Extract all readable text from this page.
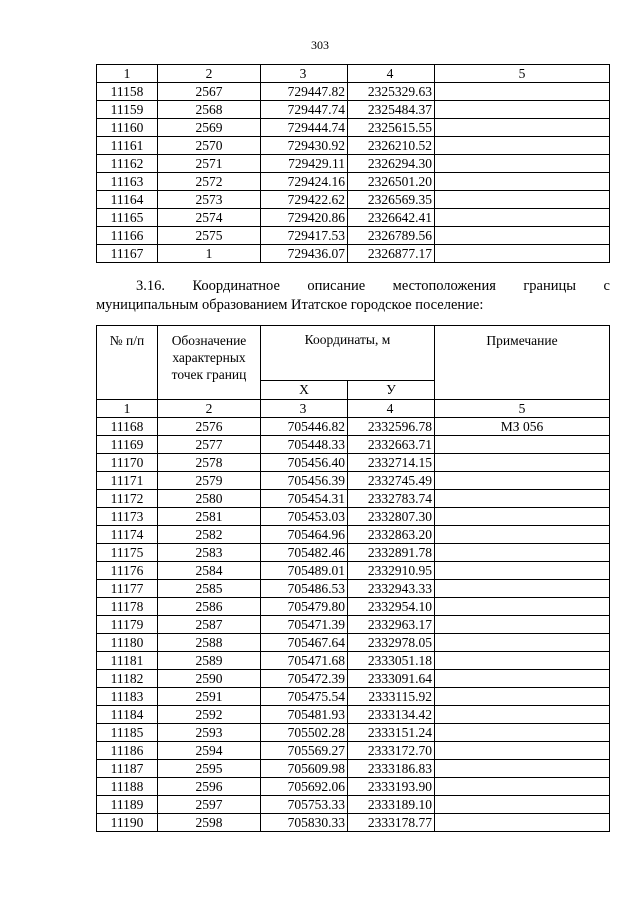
303
1	2	3	4	5
11158	2567	729447.82	2325329.63	
11159	2568	729447.74	2325484.37	
11160	2569	729444.74	2325615.55	
11161	2570	729430.92	2326210.52	
11162	2571	729429.11	2326294.30	
11163	2572	729424.16	2326501.20	
11164	2573	729422.62	2326569.35	
11165	2574	729420.86	2326642.41	
11166	2575	729417.53	2326789.56	
11167	1	729436.07	2326877.17	
3.16. Координатное описание местоположения границы с
муниципальным образованием Итатское городское поселение:
№ п/п	Обозначение характерных точек границ	Координаты, м		Примечание
		Х	У	
1	2	3	4	5
11168	2576	705446.82	2332596.78	МЗ 056
11169	2577	705448.33	2332663.71	
11170	2578	705456.40	2332714.15	
11171	2579	705456.39	2332745.49	
11172	2580	705454.31	2332783.74	
11173	2581	705453.03	2332807.30	
11174	2582	705464.96	2332863.20	
11175	2583	705482.46	2332891.78	
11176	2584	705489.01	2332910.95	
11177	2585	705486.53	2332943.33	
11178	2586	705479.80	2332954.10	
11179	2587	705471.39	2332963.17	
11180	2588	705467.64	2332978.05	
11181	2589	705471.68	2333051.18	
11182	2590	705472.39	2333091.64	
11183	2591	705475.54	2333115.92	
11184	2592	705481.93	2333134.42	
11185	2593	705502.28	2333151.24	
11186	2594	705569.27	2333172.70	
11187	2595	705609.98	2333186.83	
11188	2596	705692.06	2333193.90	
11189	2597	705753.33	2333189.10	
11190	2598	705830.33	2333178.77	
